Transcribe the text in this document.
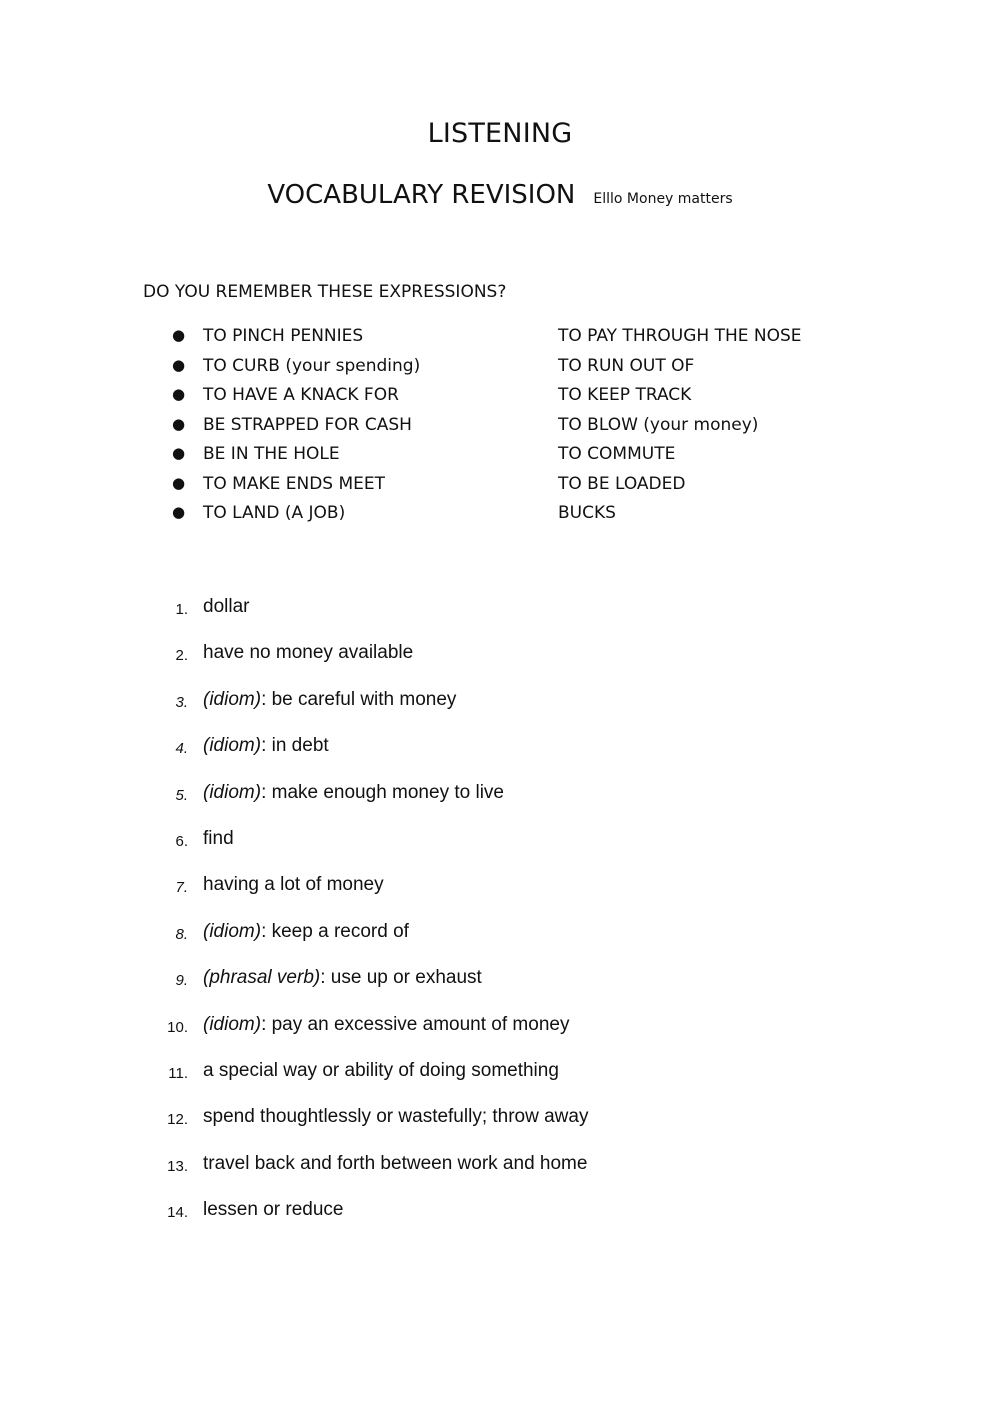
LISTENING
VOCABULARY REVISION Elllo Money matters
DO YOU REMEMBER THESE EXPRESSIONS?
● TO PINCH PENNIES	TO PAY THROUGH THE NOSE
● TO CURB (your spending)	TO RUN OUT OF
● TO HAVE A KNACK FOR	TO KEEP TRACK
● BE STRAPPED FOR CASH	TO BLOW (your money)
● BE IN THE HOLE	TO COMMUTE
● TO MAKE ENDS MEET	TO BE LOADED
● TO LAND (A JOB)	BUCKS
1. dollar
2. have no money available
3. (idiom): be careful with money
4. (idiom): in debt
5. (idiom): make enough money to live
6. find
7. having a lot of money
8. (idiom): keep a record of
9. (phrasal verb): use up or exhaust
10. (idiom): pay an excessive amount of money
11. a special way or ability of doing something
12. spend thoughtlessly or wastefully; throw away
13. travel back and forth between work and home
14. lessen or reduce
